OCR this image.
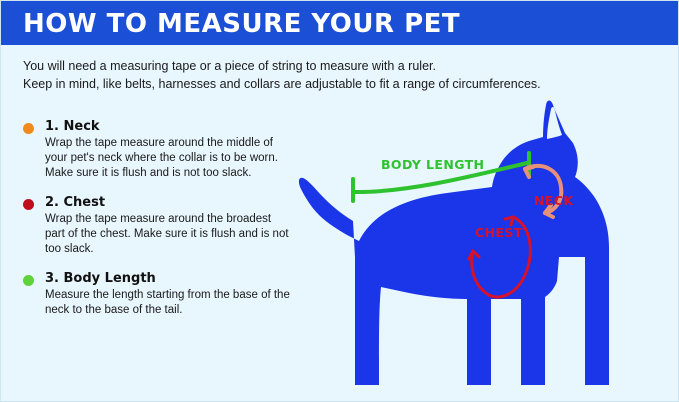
HOW TO MEASURE YOUR PET
You will need a measuring tape or a piece of string to measure with a ruler.
Keep in mind, like belts, harnesses and collars are adjustable to fit a range of circumferences.
1. Neck
Wrap the tape measure around the middle of your pet's neck where the collar is to be worn. Make sure it is flush and is not too slack.
2. Chest
Wrap the tape measure around the broadest part of the chest. Make sure it is flush and is not too slack.
3. Body Length
Measure the length starting from the base of the neck to the base of the tail.
BODY LENGTH
NECK
CHEST
